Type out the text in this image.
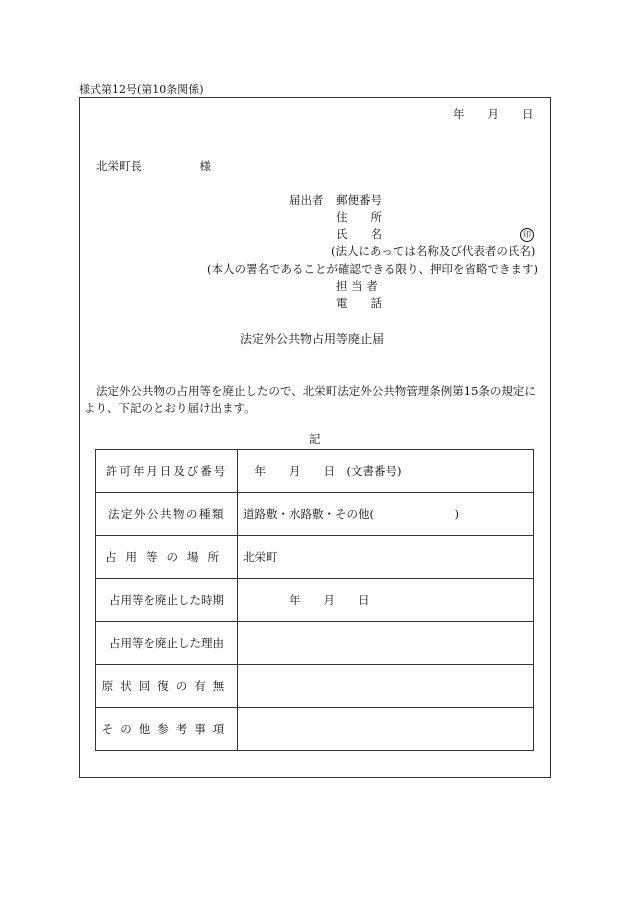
様式第12号(第10条関係)
年　　月　　日
北栄町長　　　　　様
届出者 郵便番号
住　　所
氏　　名	印
(法人にあっては名称及び代表者の氏名)
(本人の署名であることが確認できる限り、押印を省略できます)
担 当 者
電　　話
法定外公共物占用等廃止届
法定外公共物の占用等を廃止したので、北栄町法定外公共物管理条例第15条の規定に
より、下記のとおり届け出ます。
記
許可年月日及び番号	　年　　月　　日　(文書番号)
法定外公共物の種類	道路敷・水路敷・その他(　　　　　　　)
占用等の場所	北栄町
占用等を廃止した時期	　　　　年　　月　　日
占用等を廃止した理由	
原状回復の有無	
その他参考事項	
